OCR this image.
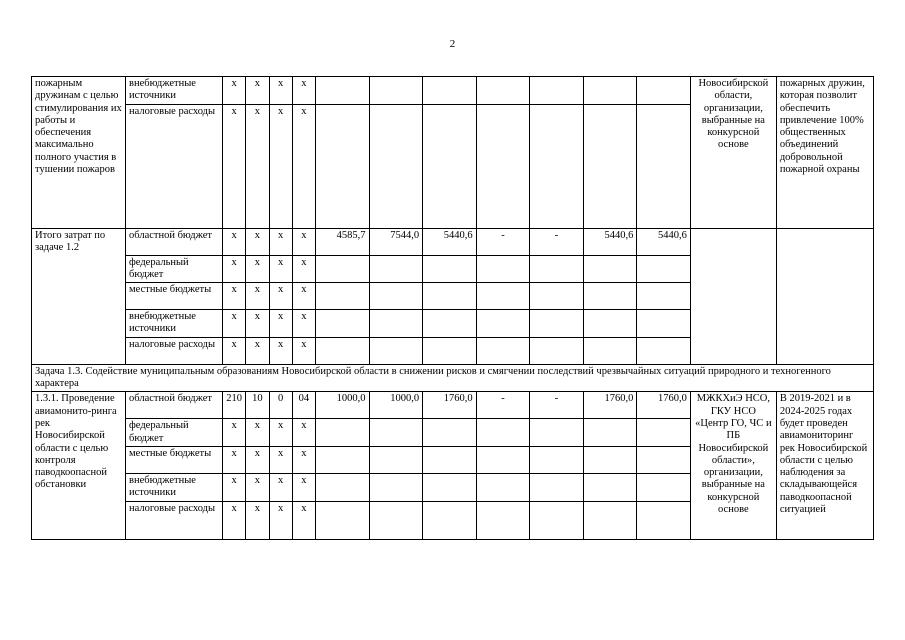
2
пожарным дружинам с целью стимулирования их работы и обеспечения максимально полного участия в тушении пожаров	внебюджетные источники	х	х	х	х								Новосибирской области, организации, выбранные на конкурсной основе	пожарных дружин, которая позволит обеспечить привлечение 100% общественных объединений добровольной пожарной охраны
	налоговые расходы	х	х	х	х									
Итого затрат по задаче 1.2	областной бюджет	х	х	х	х	4585,7	7544,0	5440,6	-	-	5440,6	5440,6		
	федеральный бюджет	х	х	х	х									
	местные бюджеты	х	х	х	х									
	внебюджетные источники	х	х	х	х									
	налоговые расходы	х	х	х	х									
Задача 1.3. Содействие муниципальным образованиям Новосибирской области в снижении рисков и смягчении последствий чрезвычайных ситуаций природного и техногенного характера														
1.3.1. Проведение авиамонито-ринга рек Новосибирской области с целью контроля паводкоопасной обстановки	областной бюджет	210	10	0	04	1000,0	1000,0	1760,0	-	-	1760,0	1760,0	МЖКХиЭ НСО, ГКУ НСО «Центр ГО, ЧС и ПБ Новосибирской области», организации, выбранные на конкурсной основе	В 2019-2021 и в 2024-2025 годах будет проведен авиамониторинг рек Новосибирской области с целью наблюдения за складывающейся паводкоопасной ситуацией
	федеральный бюджет	х	х	х	х									
	местные бюджеты	х	х	х	х									
	внебюджетные источники	х	х	х	х									
	налоговые расходы	х	х	х	х									
